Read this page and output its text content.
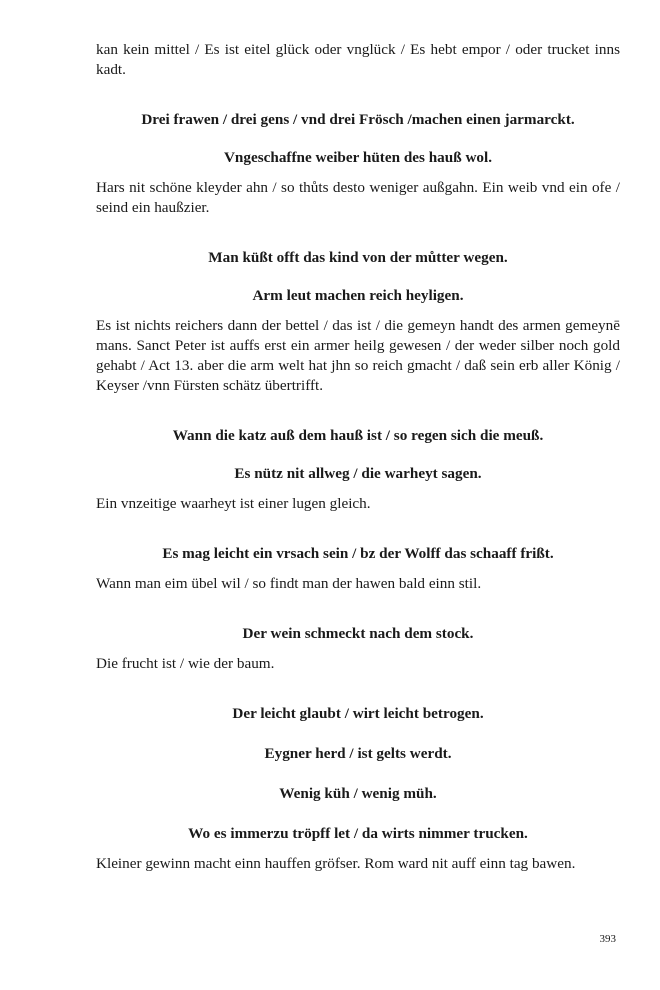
kan kein mittel / Es ist eitel glück oder vnglück / Es hebt empor / oder trucket inns kadt.

Drei frawen / drei gens / vnd drei Frösch /machen einen jarmarckt.

Vngeschaffne weiber hüten des hauß wol.

Hars nit schöne kleyder ahn / so thůts desto weniger außgahn. Ein weib vnd ein ofe / seind ein haußzier.

Man küßt offt das kind von der můtter wegen.

Arm leut machen reich heyligen.

Es ist nichts reichers dann der bettel / das ist / die gemeyn handt des armen gemeynē mans. Sanct Peter ist auffs erst ein armer heilg gewesen / der weder silber noch gold gehabt / Act 13. aber die arm welt hat jhn so reich gmacht / daß sein erb aller König / Keyser /vnn Fürsten schätz übertrifft.

Wann die katz auß dem hauß ist / so regen sich die meuß.

Es nütz nit allweg / die warheyt sagen.

Ein vnzeitige waarheyt ist einer lugen gleich.

Es mag leicht ein vrsach sein / bz der Wolff das schaaff frißt.

Wann man eim übel wil / so findt man der hawen bald einn stil.

Der wein schmeckt nach dem stock.

Die frucht ist / wie der baum.

Der leicht glaubt / wirt leicht betrogen.

Eygner herd / ist gelts werdt.

Wenig küh / wenig müh.

Wo es immerzu tröpff let / da wirts nimmer trucken.

Kleiner gewinn macht einn hauffen gröfser. Rom ward nit auff einn tag bawen.

393
